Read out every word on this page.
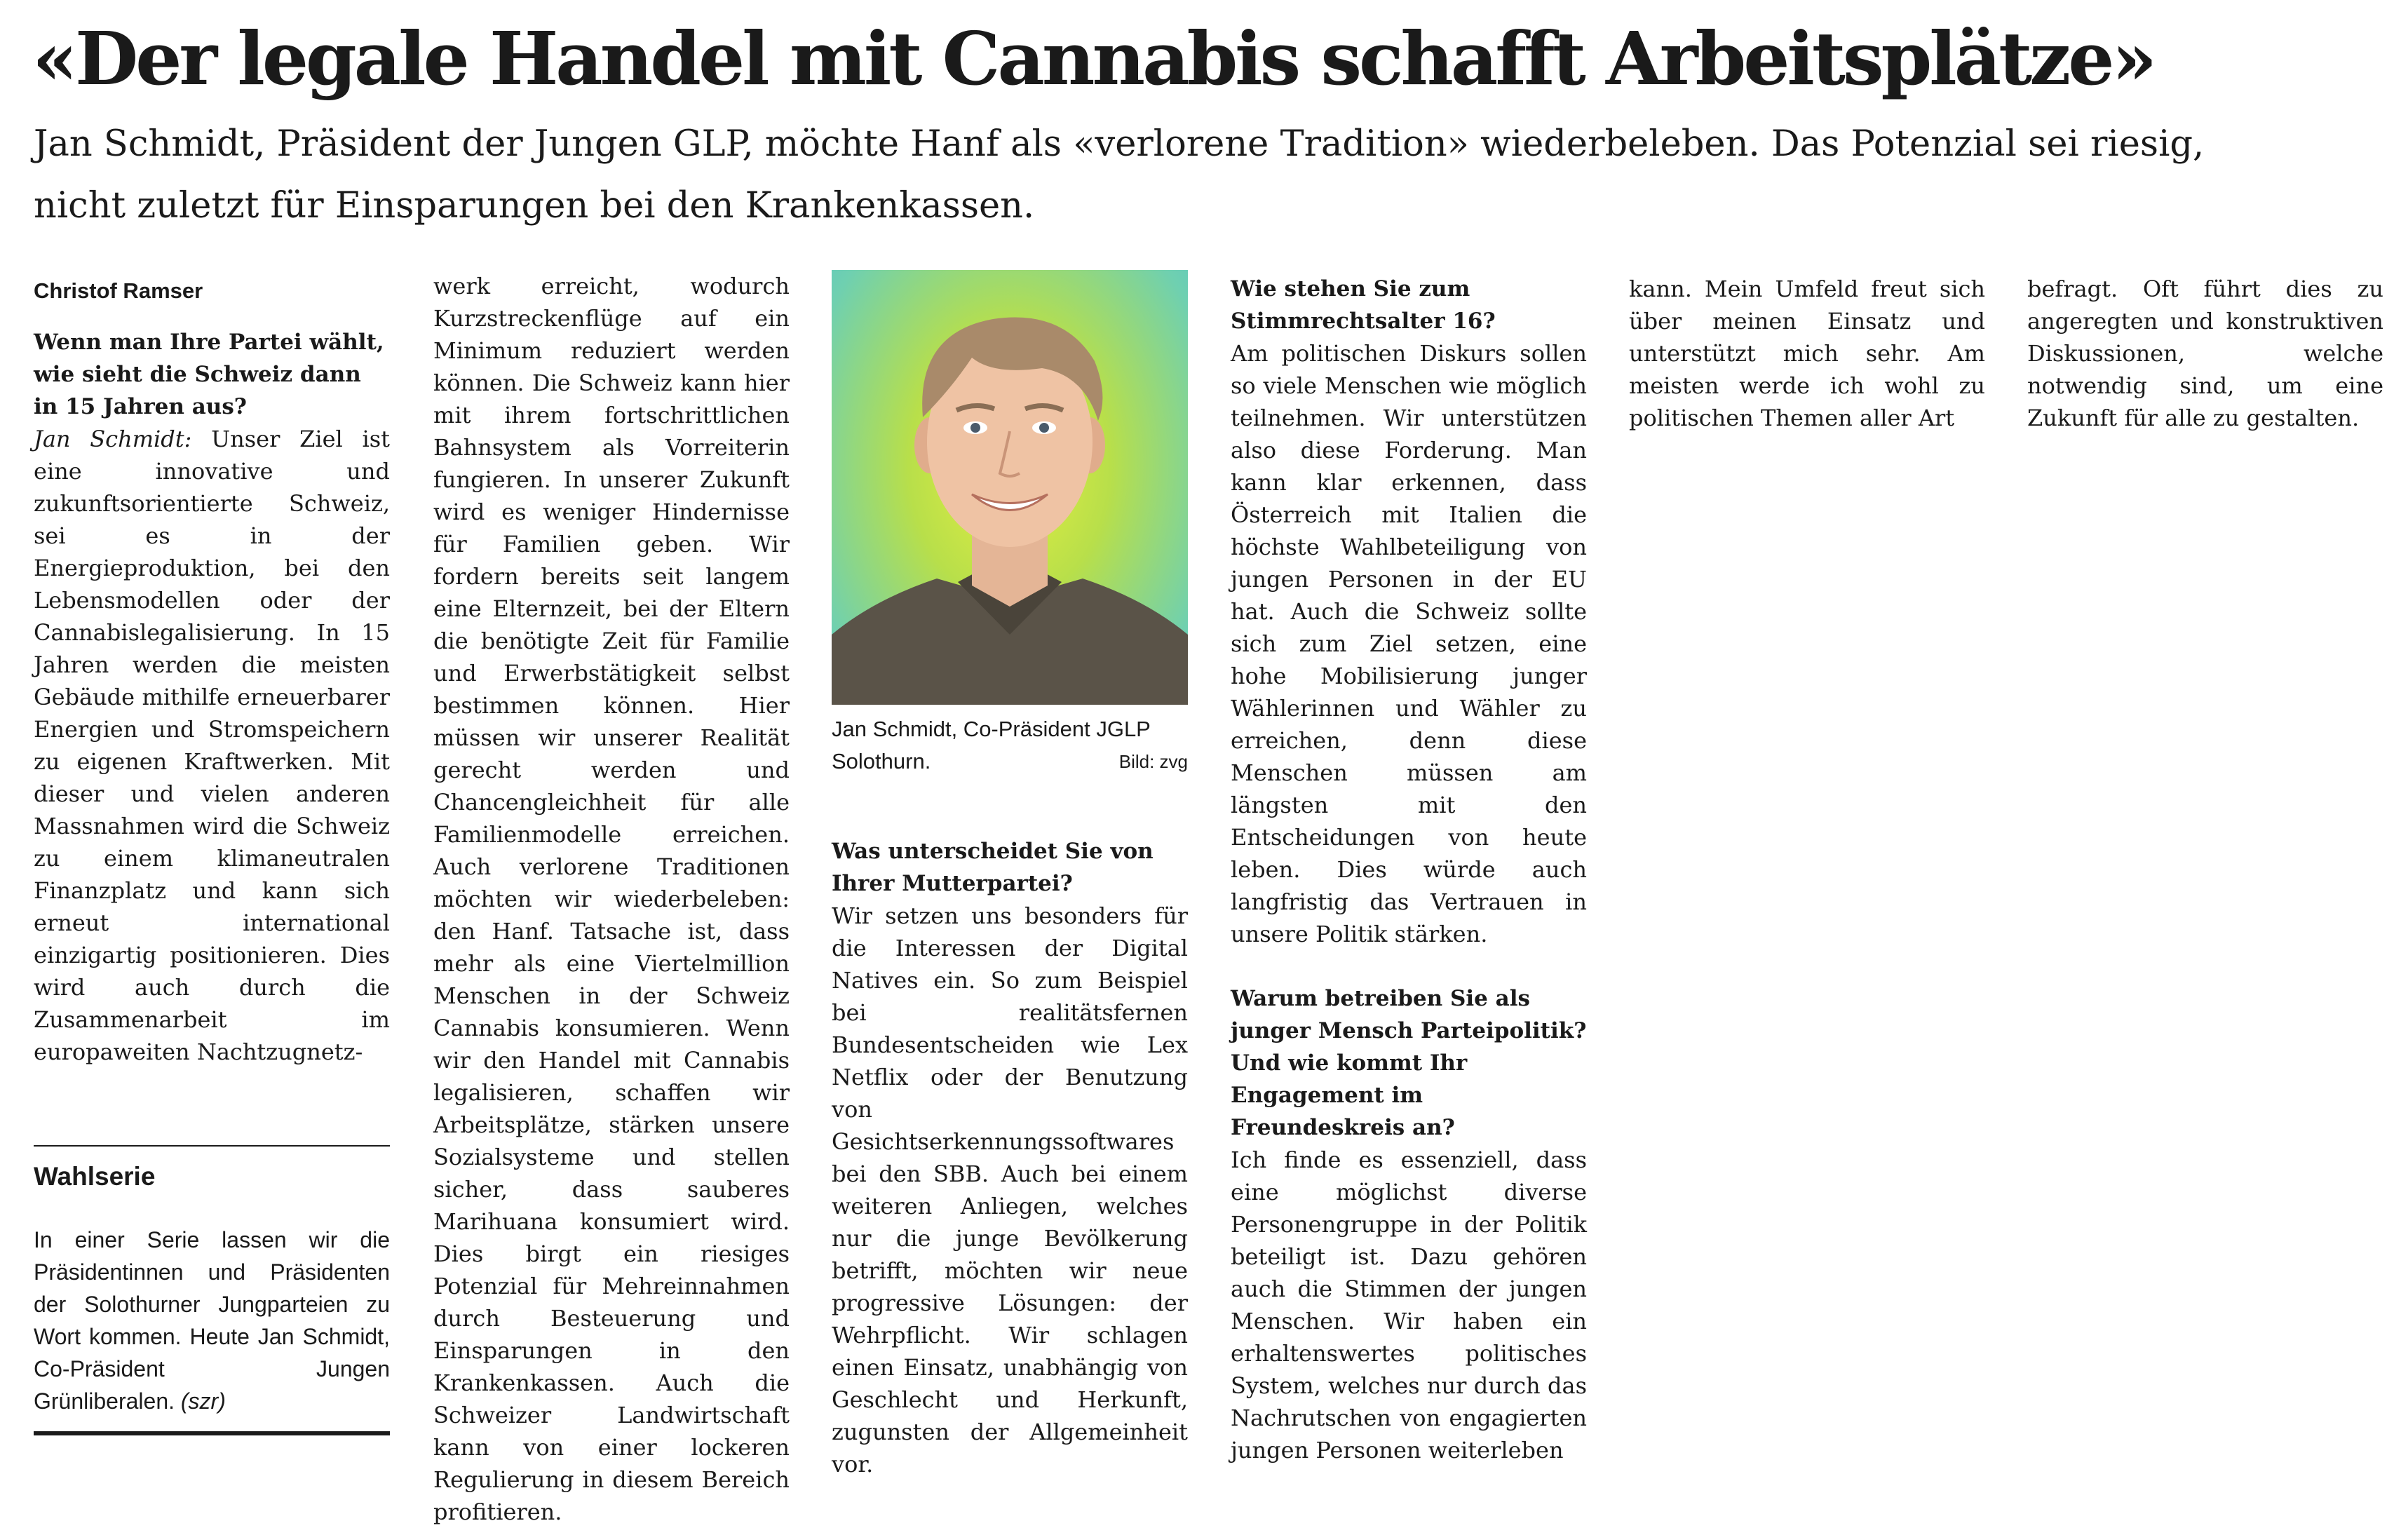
«Der legale Handel mit Cannabis schafft Arbeitsplätze»

Jan Schmidt, Präsident der Jungen GLP, möchte Hanf als «verlorene Tradition» wiederbeleben. Das Potenzial sei riesig, nicht zuletzt für Einsparungen bei den Krankenkassen.

Christof Ramser

Wenn man Ihre Partei wählt, wie sieht die Schweiz dann in 15 Jahren aus?

Jan Schmidt: Unser Ziel ist eine innovative und zukunftsorientierte Schweiz, sei es in der Energieproduktion, bei den Lebensmodellen oder der Cannabislegalisierung. In 15 Jahren werden die meisten Gebäude mithilfe erneuerbarer Energien und Stromspeichern zu eigenen Kraftwerken. Mit dieser und vielen anderen Massnahmen wird die Schweiz zu einem klimaneutralen Finanzplatz und kann sich erneut international einzigartig positionieren. Dies wird auch durch die Zusammenarbeit im europaweiten Nachtzugnetz-

Wahlserie

In einer Serie lassen wir die Präsidentinnen und Präsidenten der Solothurner Jungparteien zu Wort kommen. Heute Jan Schmidt, Co-Präsident Jungen Grünliberalen. (szr)

werk erreicht, wodurch Kurzstreckenflüge auf ein Minimum reduziert werden können. Die Schweiz kann hier mit ihrem fortschrittlichen Bahnsystem als Vorreiterin fungieren. In unserer Zukunft wird es weniger Hindernisse für Familien geben. Wir fordern bereits seit langem eine Elternzeit, bei der Eltern die benötigte Zeit für Familie und Erwerbstätigkeit selbst bestimmen können. Hier müssen wir unserer Realität gerecht werden und Chancengleichheit für alle Familienmodelle erreichen. Auch verlorene Traditionen möchten wir wiederbeleben: den Hanf. Tatsache ist, dass mehr als eine Viertelmillion Menschen in der Schweiz Cannabis konsumieren. Wenn wir den Handel mit Cannabis legalisieren, schaffen wir Arbeitsplätze, stärken unsere Sozialsysteme und stellen sicher, dass sauberes Marihuana konsumiert wird. Dies birgt ein riesiges Potenzial für Mehreinnahmen durch Besteuerung und Einsparungen in den Krankenkassen. Auch die Schweizer Landwirtschaft kann von einer lockeren Regulierung in diesem Bereich profitieren.

Jan Schmidt, Co-Präsident JGLP Solothurn.	Bild: zvg

Was unterscheidet Sie von Ihrer Mutterpartei?

Wir setzen uns besonders für die Interessen der Digital Natives ein. So zum Beispiel bei realitätsfernen Bundesentscheiden wie Lex Netflix oder der Benutzung von Gesichtserkennungssoftwares bei den SBB. Auch bei einem weiteren Anliegen, welches nur die junge Bevölkerung betrifft, möchten wir neue progressive Lösungen: der Wehrpflicht. Wir schlagen einen Einsatz, unabhängig von Geschlecht und Herkunft, zugunsten der Allgemeinheit vor.

Wie stehen Sie zum Stimmrechtsalter 16?

Am politischen Diskurs sollen so viele Menschen wie möglich teilnehmen. Wir unterstützen also diese Forderung. Man kann klar erkennen, dass Österreich mit Italien die höchste Wahlbeteiligung von jungen Personen in der EU hat. Auch die Schweiz sollte sich zum Ziel setzen, eine hohe Mobilisierung junger Wählerinnen und Wähler zu erreichen, denn diese Menschen müssen am längsten mit den Entscheidungen von heute leben. Dies würde auch langfristig das Vertrauen in unsere Politik stärken.

Warum betreiben Sie als junger Mensch Parteipolitik? Und wie kommt Ihr Engagement im Freundeskreis an?

Ich finde es essenziell, dass eine möglichst diverse Personengruppe in der Politik beteiligt ist. Dazu gehören auch die Stimmen der jungen Menschen. Wir haben ein erhaltenswertes politisches System, welches nur durch das Nachrutschen von engagierten jungen Personen weiterleben

kann. Mein Umfeld freut sich über meinen Einsatz und unterstützt mich sehr. Am meisten werde ich wohl zu politischen Themen aller Art

befragt. Oft führt dies zu angeregten und konstruktiven Diskussionen, welche notwendig sind, um eine Zukunft für alle zu gestalten.
